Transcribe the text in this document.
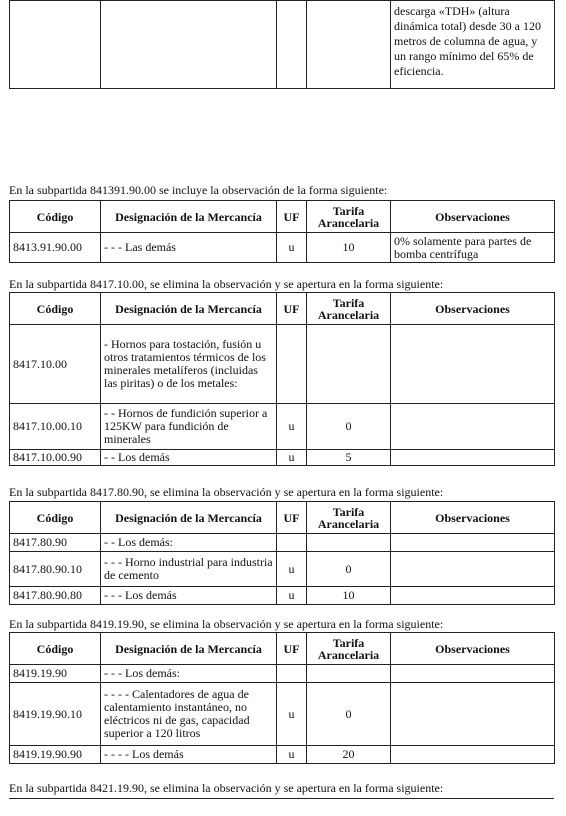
				descarga «TDH» (altura dinámica total) desde 30 a 120 metros de columna de agua, y un rango mínimo del 65% de eficiencia.
En la subpartida 841391.90.00 se incluye la observación de la forma siguiente:
Código	Designación de la Mercancía	UF	Tarifa Arancelaria	Observaciones
8413.91.90.00	- - - Las demás	u	10	0% solamente para partes de bomba centrífuga
En la subpartida 8417.10.00, se elimina la observación y se apertura en la forma siguiente:
Código	Designación de la Mercancía	UF	Tarifa Arancelaria	Observaciones
8417.10.00	- Hornos para tostación, fusión u otros tratamientos térmicos de los minerales metalíferos (incluidas las piritas) o de los metales:			
8417.10.00.10	- - Hornos de fundición superior a 125KW para fundición de minerales	u	0	
8417.10.00.90	- - Los demás	u	5	
En la subpartida 8417.80.90, se elimina la observación y se apertura en la forma siguiente:
Código	Designación de la Mercancía	UF	Tarifa Arancelaria	Observaciones
8417.80.90	- - Los demás:			
8417.80.90.10	- - - Horno industrial para industria de cemento	u	0	
8417.80.90.80	- - - Los demás	u	10	
En la subpartida 8419.19.90, se elimina la observación y se apertura en la forma siguiente:
Código	Designación de la Mercancía	UF	Tarifa Arancelaria	Observaciones
8419.19.90	- - - Los demás:			
8419.19.90.10	- - - - Calentadores de agua de calentamiento instantáneo, no eléctricos ni de gas, capacidad superior a 120 litros	u	0	
8419.19.90.90	- - - - Los demás	u	20	
En la subpartida 8421.19.90, se elimina la observación y se apertura en la forma siguiente:
